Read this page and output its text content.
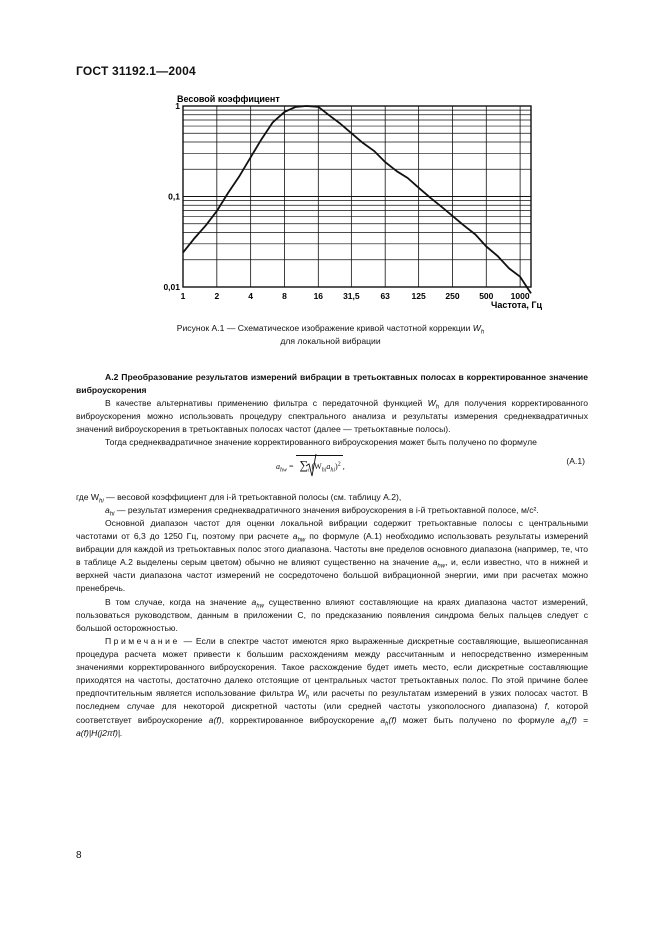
ГОСТ 31192.1—2004
1	2	4	8	16 31,5 63	125 250 500 1000
1
0,1
0,01
Весовой коэффициент
Частота, Гц
Рисунок А.1 — Схематическое изображение кривой частотной коррекции $W_h$
для локальной вибрации
А.2 Преобразование результатов измерений вибрации в третьоктавных полосах в корректированное значение виброускорения
В качестве альтернативы применению фильтра с передаточной функцией $W_h$ для получения корректированного виброускорения можно использовать процедуру спектрального анализа и результаты измерения среднеквадратичных значений виброускорения в третьоктавных полосах частот (далее — третьоктавные полосы).
Тогда среднеквадратичное значение корректированного виброускорения может быть получено по формуле
$a_{hw} = \sum_i$ $(W_{hi}a_{hi})^2$ ,
(А.1)
где $W_{hi}$ — весовой коэффициент для i-й третьоктавной полосы (см. таблицу А.2),
$a_{hi}$ — результат измерения среднеквадратичного значения виброускорения в i-й третьоктавной полосе, м/с².
Основной диапазон частот для оценки локальной вибрации содержит третьоктавные полосы с центральными частотами от 6,3 до 1250 Гц, поэтому при расчете $a_{hw}$ по формуле (А.1) необходимо использовать результаты измерений вибрации для каждой из третьоктавных полос этого диапазона. Частоты вне пределов основного диапазона (например, те, что в таблице А.2 выделены серым цветом) обычно не влияют существенно на значение $a_{hw}$, и, если известно, что в нижней и верхней части диапазона частот измерений не сосредоточено большой вибрационной энергии, ими при расчетах можно пренебречь.
В том случае, когда на значение $a_{hw}$ существенно влияют составляющие на краях диапазона частот измерений, пользоваться руководством, данным в приложении С, по предсказанию появления синдрома белых пальцев следует с большой осторожностью.
Примечание — Если в спектре частот имеются ярко выраженные дискретные составляющие, вышеописанная процедура расчета может привести к большим расхождениям между рассчитанным и непосредственно измеренным значениями корректированного виброускорения. Такое расхождение будет иметь место, если дискретные составляющие приходятся на частоты, достаточно далеко отстоящие от центральных частот третьоктавных полос. По этой причине более предпочтительным является использование фильтра $W_h$ или расчеты по результатам измерений в узких полосах частот. В последнем случае для некоторой дискретной частоты (или средней частоты узкополосного диапазона) f, которой соответствует виброускорение a(f), корректированное виброускорение $a_h(f)$ может быть получено по формуле $a_h(f) = a(f)|H(j2\pi f)|$.
8
